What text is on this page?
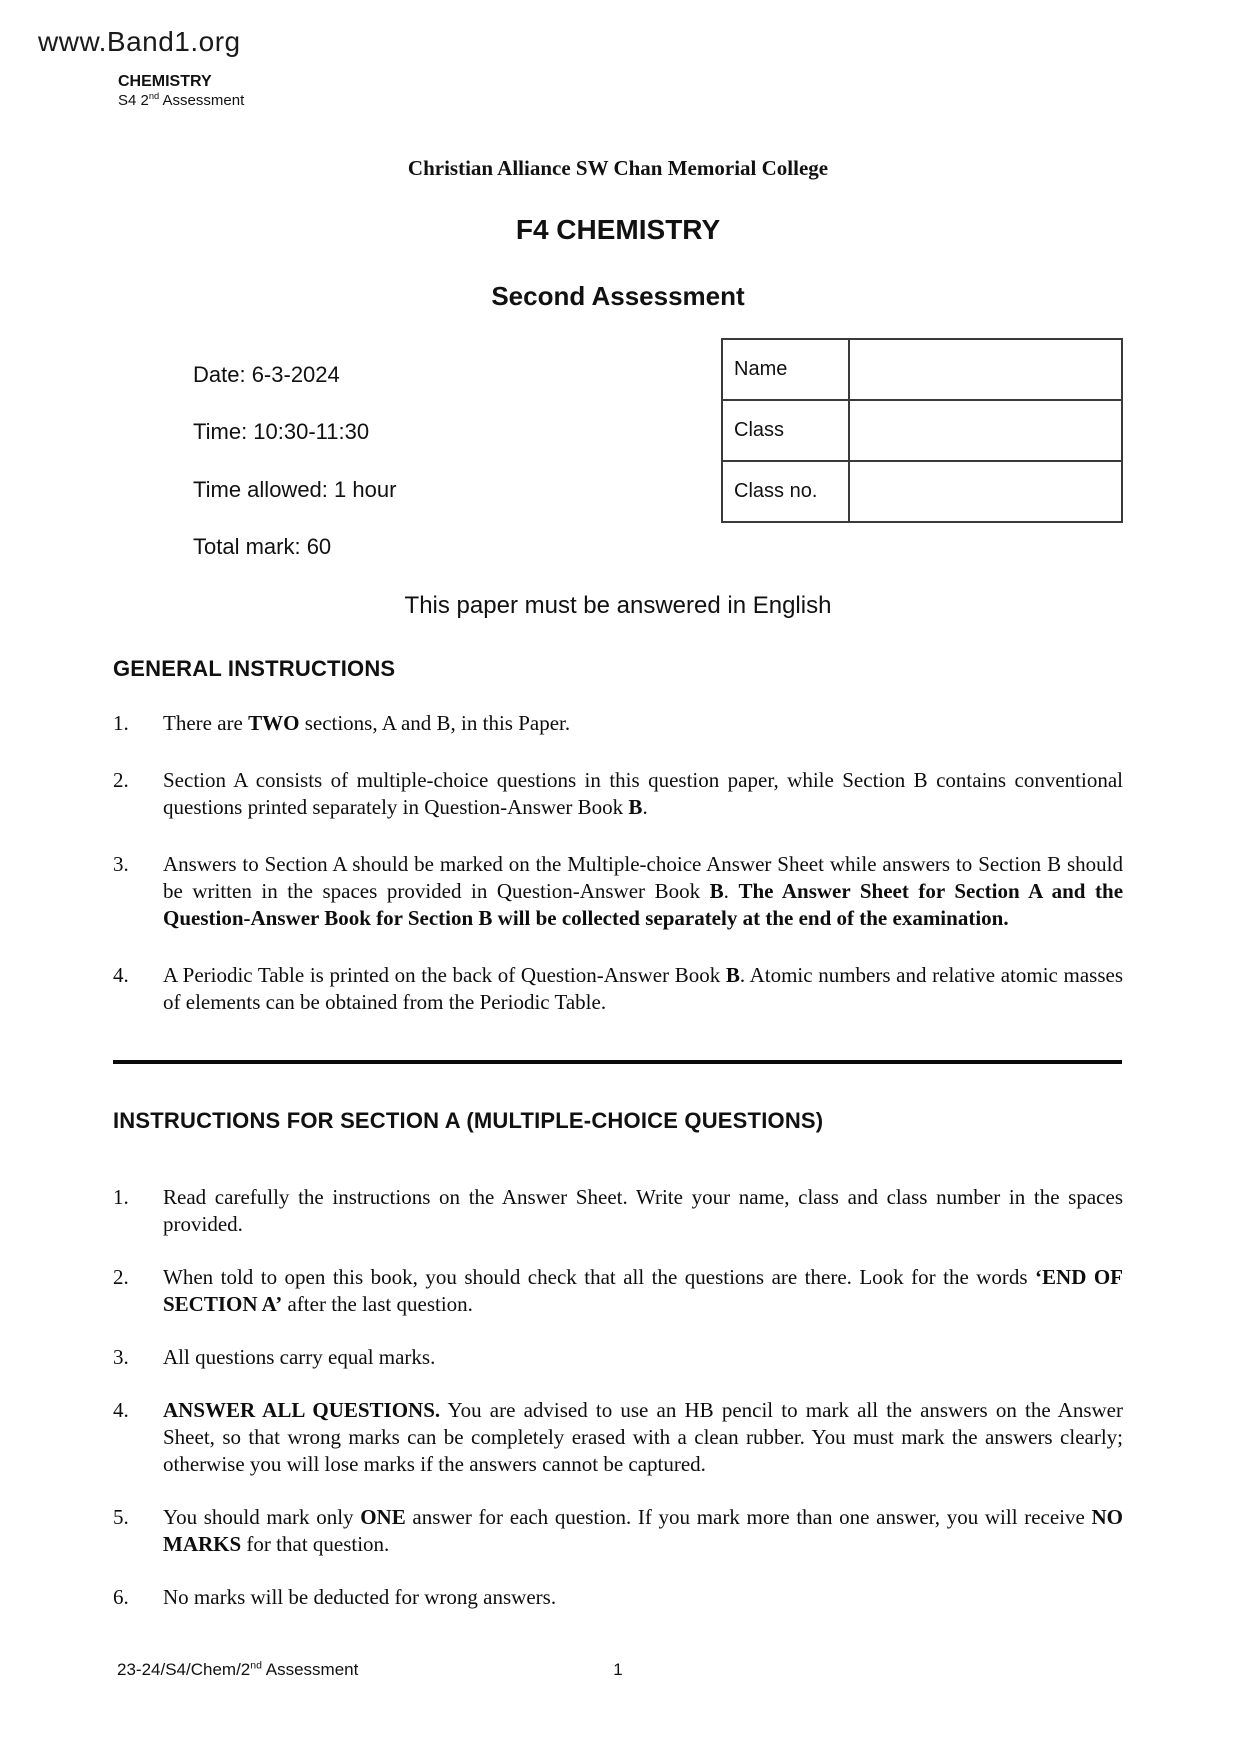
www.Band1.org
CHEMISTRY
S4 2nd Assessment
Christian Alliance SW Chan Memorial College
F4 CHEMISTRY
Second Assessment
Date: 6-3-2024
Time: 10:30-11:30
Time allowed: 1 hour
Total mark: 60
Name	
Class	
Class no.	
This paper must be answered in English
GENERAL INSTRUCTIONS
1.	There are TWO sections, A and B, in this Paper.

2.	Section A consists of multiple-choice questions in this question paper, while Section B contains conventional questions printed separately in Question-Answer Book B.

3.	Answers to Section A should be marked on the Multiple-choice Answer Sheet while answers to Section B should be written in the spaces provided in Question-Answer Book B. The Answer Sheet for Section A and the Question-Answer Book for Section B will be collected separately at the end of the examination.

4.	A Periodic Table is printed on the back of Question-Answer Book B. Atomic numbers and relative atomic masses of elements can be obtained from the Periodic Table.

INSTRUCTIONS FOR SECTION A (MULTIPLE-CHOICE QUESTIONS)
1.	Read carefully the instructions on the Answer Sheet. Write your name, class and class number in the spaces provided.

2.	When told to open this book, you should check that all the questions are there. Look for the words ‘END OF SECTION A’ after the last question.

3.	All questions carry equal marks.

4.	ANSWER ALL QUESTIONS. You are advised to use an HB pencil to mark all the answers on the Answer Sheet, so that wrong marks can be completely erased with a clean rubber. You must mark the answers clearly; otherwise you will lose marks if the answers cannot be captured.

5.	You should mark only ONE answer for each question. If you mark more than one answer, you will receive NO MARKS for that question.

6.	No marks will be deducted for wrong answers.

23-24/S4/Chem/2nd Assessment	1
